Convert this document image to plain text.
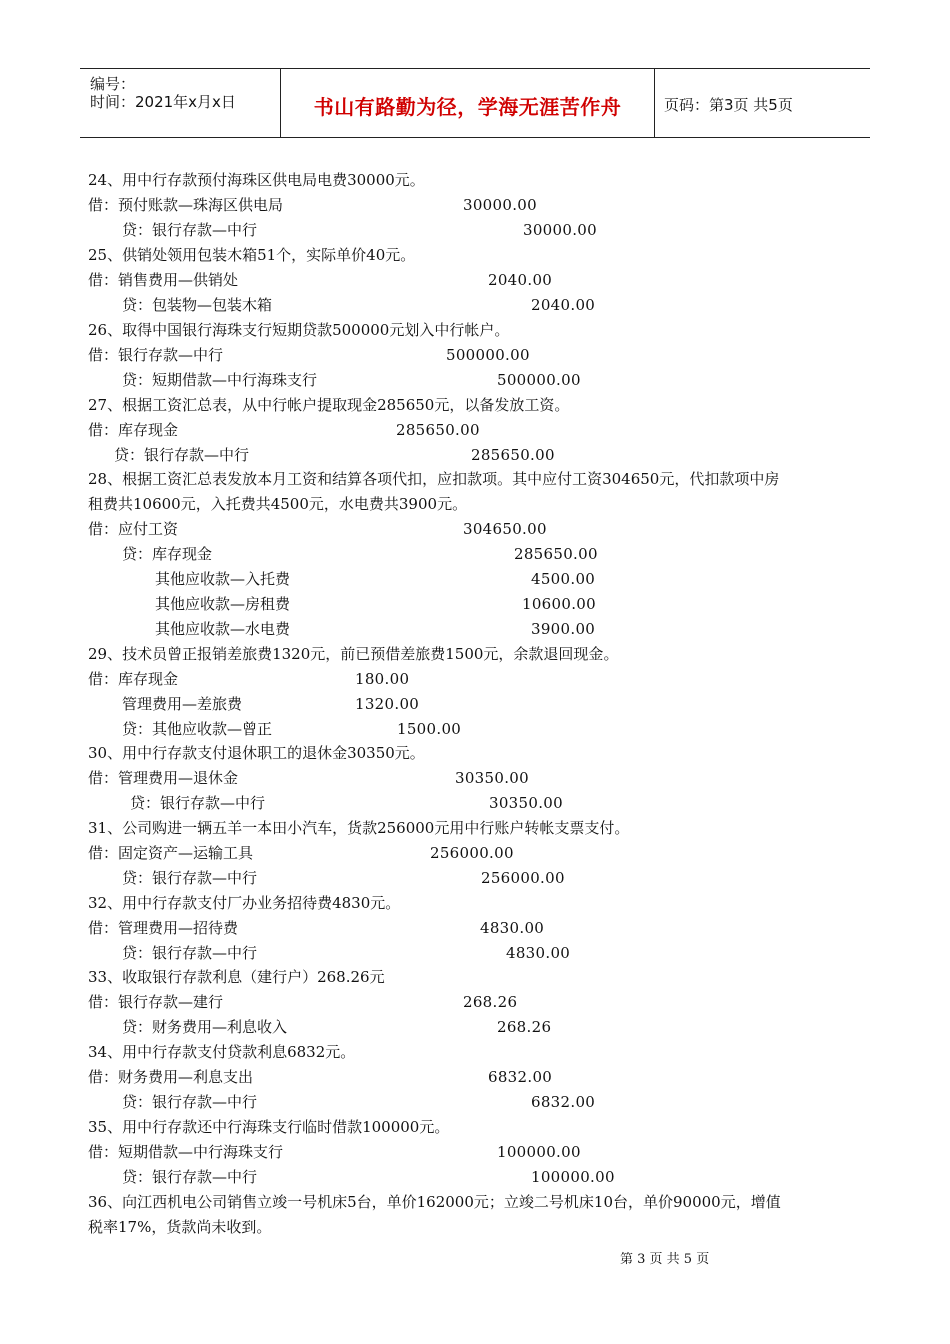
编号：
时间：2021年x月x日	书山有路勤为径，学海无涯苦作舟	页码：第3页 共5页
24、用中行存款预付海珠区供电局电费30000元。
借：预付账款—珠海区供电局	30000.00
贷：银行存款—中行	30000.00
25、供销处领用包装木箱51个，实际单价40元。
借：销售费用—供销处	2040.00
贷：包装物—包装木箱	2040.00
26、取得中国银行海珠支行短期贷款500000元划入中行帐户。
借：银行存款—中行	500000.00
贷：短期借款—中行海珠支行	500000.00
27、根据工资汇总表，从中行帐户提取现金285650元，以备发放工资。
借：库存现金	285650.00
贷：银行存款—中行	285650.00
28、根据工资汇总表发放本月工资和结算各项代扣，应扣款项。其中应付工资304650元，代扣款项中房
租费共10600元，入托费共4500元，水电费共3900元。
借：应付工资	304650.00
贷：库存现金	285650.00
其他应收款—入托费	4500.00
其他应收款—房租费	10600.00
其他应收款—水电费	3900.00
29、技术员曾正报销差旅费1320元，前已预借差旅费1500元，余款退回现金。
借：库存现金	180.00
管理费用—差旅费	1320.00
贷：其他应收款—曾正	1500.00
30、用中行存款支付退休职工的退休金30350元。
借：管理费用—退休金	30350.00
贷：银行存款—中行	30350.00
31、公司购进一辆五羊一本田小汽车，货款256000元用中行账户转帐支票支付。
借：固定资产—运输工具	256000.00
贷：银行存款—中行	256000.00
32、用中行存款支付厂办业务招待费4830元。
借：管理费用—招待费	4830.00
贷：银行存款—中行	4830.00
33、收取银行存款利息（建行户）268.26元
借：银行存款—建行	268.26
贷：财务费用—利息收入	268.26
34、用中行存款支付贷款利息6832元。
借：财务费用—利息支出	6832.00
贷：银行存款—中行	6832.00
35、用中行存款还中行海珠支行临时借款100000元。
借：短期借款—中行海珠支行	100000.00
贷：银行存款—中行	100000.00
36、向江西机电公司销售立竣一号机床5台，单价162000元；立竣二号机床10台，单价90000元，增值
税率17%，货款尚未收到。
第 3 页 共 5 页
